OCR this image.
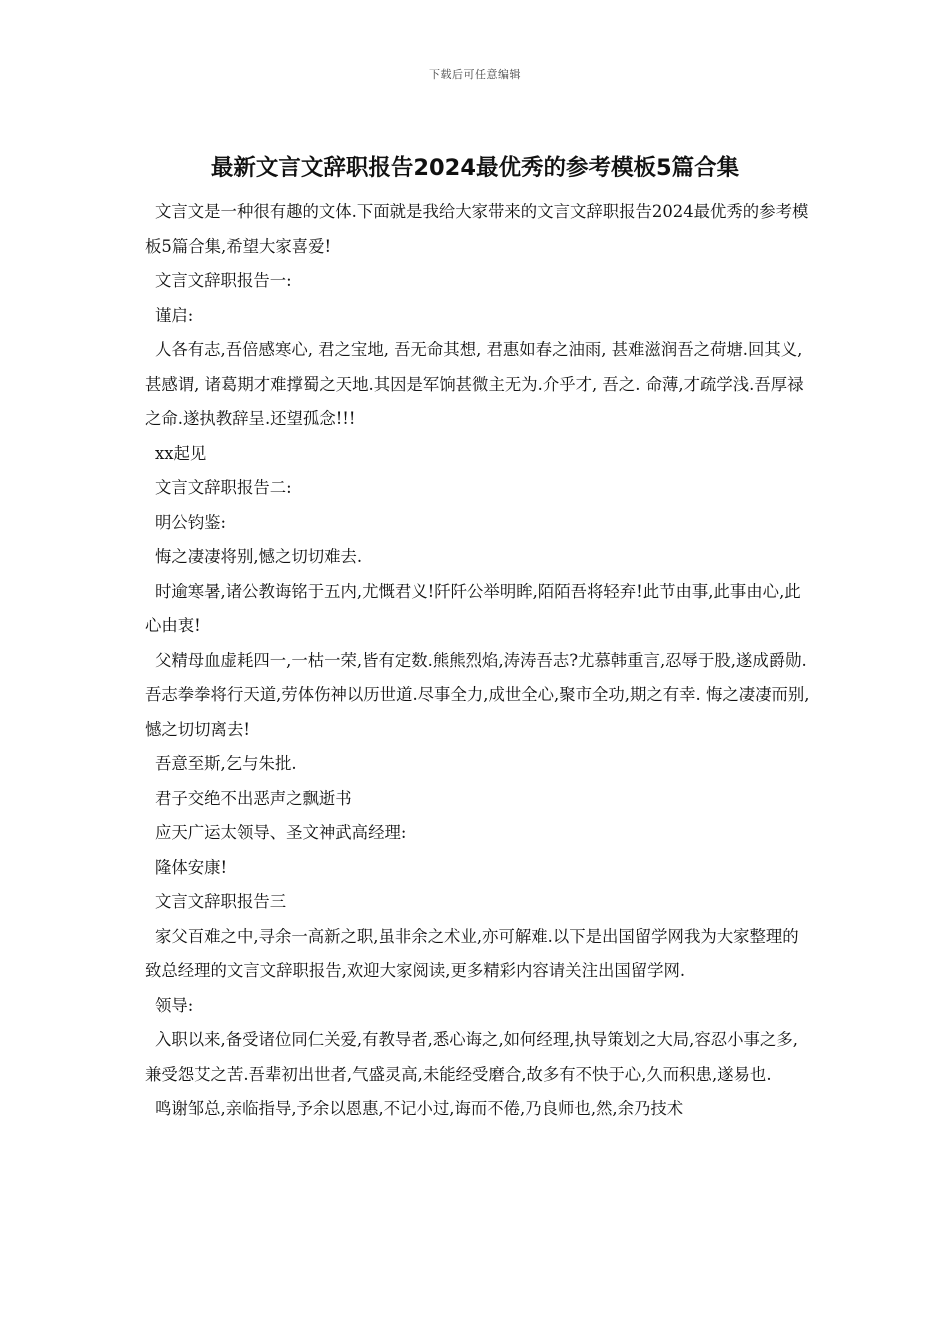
下载后可任意编辑
最新文言文辞职报告2024最优秀的参考模板5篇合集

文言文是一种很有趣的文体.下面就是我给大家带来的文言文辞职报告2024最优秀的参考模板5篇合集,希望大家喜爱!

文言文辞职报告一:

谨启:

人各有志,吾倍感寒心, 君之宝地, 吾无命其想, 君惠如春之油雨, 甚难滋润吾之荷塘.回其义, 甚感谓, 诸葛期才难撑蜀之天地.其因是军饷甚微主无为.介乎才, 吾之. 命薄,才疏学浅.吾厚禄之命.遂执教辞呈.还望孤念!!!

xx起见

文言文辞职报告二:

明公钧鉴:

悔之凄凄将别,憾之切切难去.

时逾寒暑,诸公教诲铭于五内,尤慨君义!阡阡公举明眸,陌陌吾将轻弃!此节由事,此事由心,此心由衷!

父精母血虚耗四一,一枯一荣,皆有定数.熊熊烈焰,涛涛吾志?尤慕韩重言,忍辱于股,遂成爵勋.吾志拳拳将行天道,劳体伤神以历世道.尽事全力,成世全心,聚市全功,期之有幸. 悔之凄凄而别,憾之切切离去!

吾意至斯,乞与朱批.

君子交绝不出恶声之飘逝书

应天广运太领导、圣文神武高经理:

隆体安康!

文言文辞职报告三

家父百难之中,寻余一高新之职,虽非余之术业,亦可解难.以下是出国留学网我为大家整理的致总经理的文言文辞职报告,欢迎大家阅读,更多精彩内容请关注出国留学网.

领导:

入职以来,备受诸位同仁关爱,有教导者,悉心诲之,如何经理,执导策划之大局,容忍小事之多,兼受怨艾之苦.吾辈初出世者,气盛灵高,未能经受磨合,故多有不快于心,久而积患,遂易也.

鸣谢邹总,亲临指导,予余以恩惠,不记小过,诲而不倦,乃良师也,然,余乃技术
